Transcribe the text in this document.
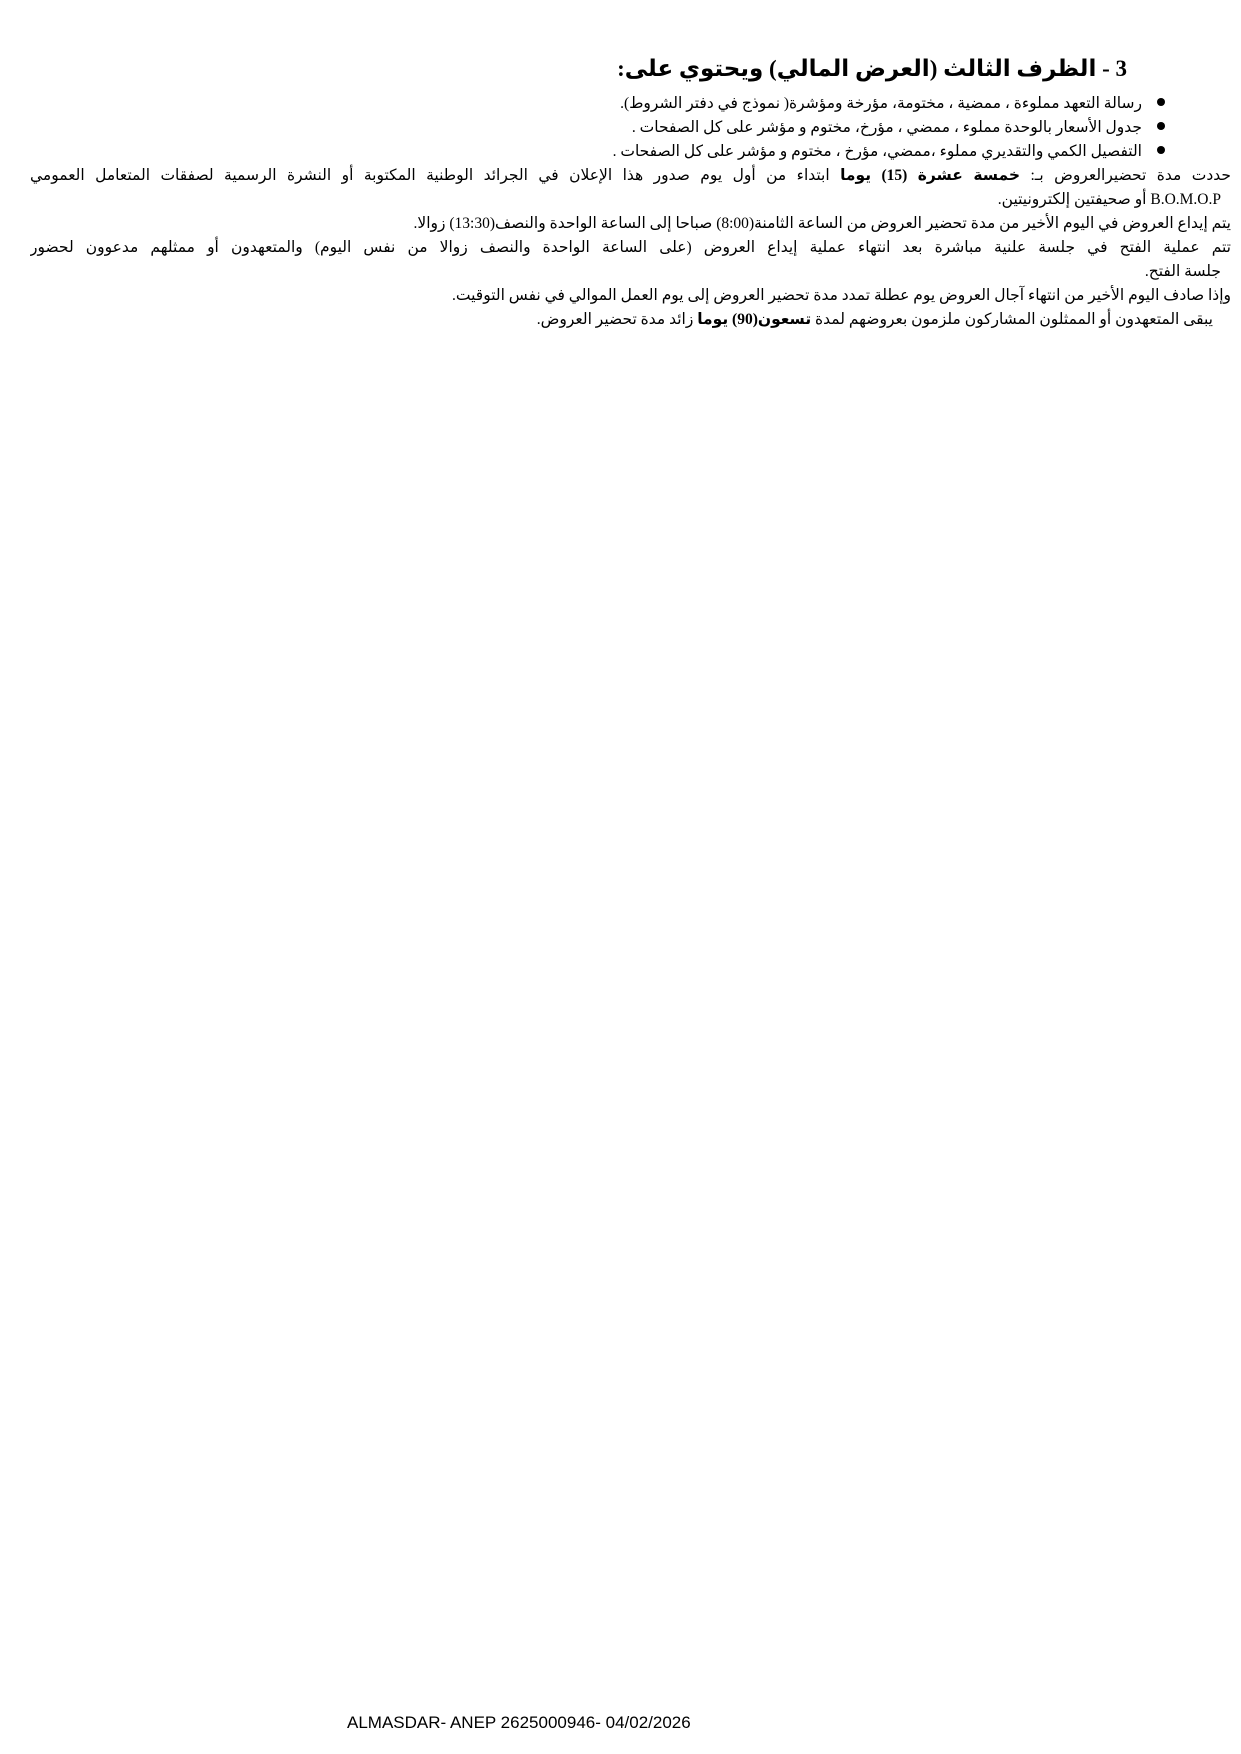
3 - الظرف الثالث (العرض المالي) ويحتوي على:
رسالة التعهد مملوءة ، ممضية ، مختومة، مؤرخة ومؤشرة( نموذج في دفتر الشروط).
جدول الأسعار بالوحدة مملوء ، ممضي ، مؤرخ، مختوم و مؤشر على كل الصفحات .
التفصيل الكمي والتقديري مملوء ،ممضي، مؤرخ ، مختوم و مؤشر على كل الصفحات .
حددت مدة تحضيرالعروض بـ: خمسة عشرة (15) يوما ابتداء من أول يوم صدور هذا الإعلان في الجرائد الوطنية المكتوبة أو النشرة الرسمية لصفقات المتعامل العمومي
B.O.M.O.P أو صحيفتين إلكترونيتين.
يتم إيداع العروض في اليوم الأخير من مدة تحضير العروض من الساعة الثامنة(8:00) صباحا إلى الساعة الواحدة والنصف(13:30) زوالا.
تتم عملية الفتح في جلسة علنية مباشرة بعد انتهاء عملية إيداع العروض (على الساعة الواحدة والنصف زوالا من نفس اليوم) والمتعهدون أو ممثلهم مدعوون لحضور
جلسة الفتح.
وإذا صادف اليوم الأخير من انتهاء آجال العروض يوم عطلة تمدد مدة تحضير العروض إلى يوم العمل الموالي في نفس التوقيت.
يبقى المتعهدون أو الممثلون المشاركون ملزمون بعروضهم لمدة تسعون(90) يوما زائد مدة تحضير العروض.
ALMASDAR- ANEP 2625000946- 04/02/2026
